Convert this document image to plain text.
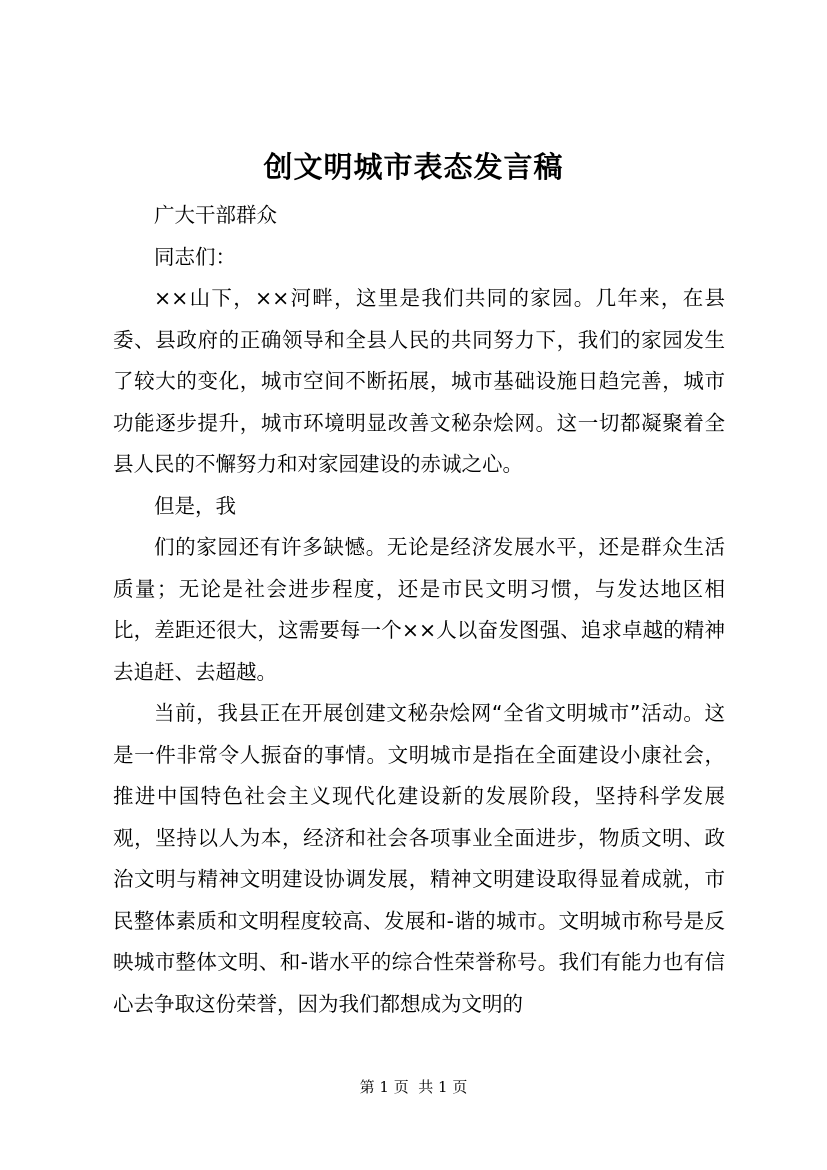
创文明城市表态发言稿

广大干部群众

同志们：

××山下，××河畔，这里是我们共同的家园。几年来，在县委、县政府的正确领导和全县人民的共同努力下，我们的家园发生了较大的变化，城市空间不断拓展，城市基础设施日趋完善，城市功能逐步提升，城市环境明显改善文秘杂烩网。这一切都凝聚着全县人民的不懈努力和对家园建设的赤诚之心。

但是，我

们的家园还有许多缺憾。无论是经济发展水平，还是群众生活质量；无论是社会进步程度，还是市民文明习惯，与发达地区相比，差距还很大，这需要每一个××人以奋发图强、追求卓越的精神去追赶、去超越。

当前，我县正在开展创建文秘杂烩网“全省文明城市”活动。这是一件非常令人振奋的事情。文明城市是指在全面建设小康社会，推进中国特色社会主义现代化建设新的发展阶段，坚持科学发展观，坚持以人为本，经济和社会各项事业全面进步，物质文明、政治文明与精神文明建设协调发展，精神文明建设取得显着成就，市民整体素质和文明程度较高、发展和-谐的城市。文明城市称号是反映城市整体文明、和-谐水平的综合性荣誉称号。我们有能力也有信心去争取这份荣誉，因为我们都想成为文明的

第 1 页  共 1 页
